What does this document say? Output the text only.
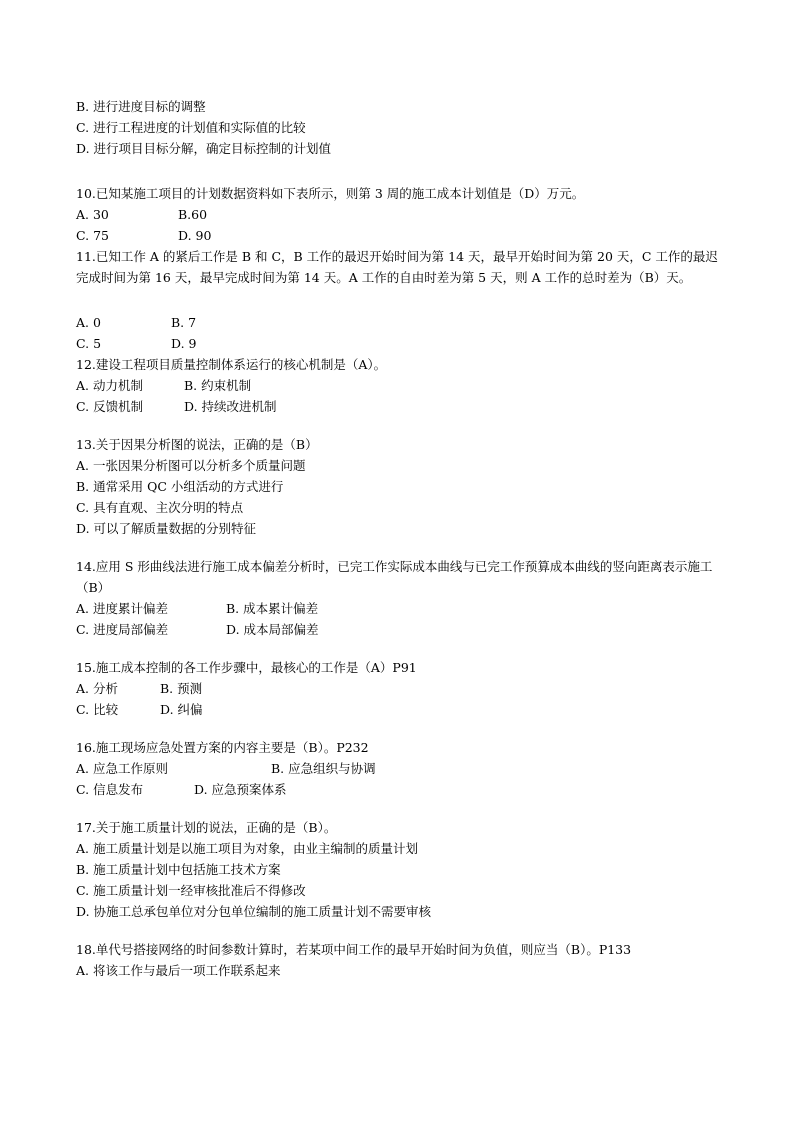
B. 进行进度目标的调整
C. 进行工程进度的计划值和实际值的比较
D. 进行项目目标分解，确定目标控制的计划值
10.已知某施工项目的计划数据资料如下表所示，则第 3 周的施工成本计划值是（D）万元。
A. 30	B.60
C. 75	D. 90
11.已知工作 A 的紧后工作是 B 和 C，B 工作的最迟开始时间为第 14 天，最早开始时间为第 20 天，C 工作的最迟完成时间为第 16 天，最早完成时间为第 14 天。A 工作的自由时差为第 5 天，则 A 工作的总时差为（B）天。
A. 0	B. 7
C. 5	D. 9
12.建设工程项目质量控制体系运行的核心机制是（A）。
A. 动力机制	B. 约束机制
C. 反馈机制	D. 持续改进机制
13.关于因果分析图的说法，正确的是（B）
A. 一张因果分析图可以分析多个质量问题
B. 通常采用 QC 小组活动的方式进行
C. 具有直观、主次分明的特点
D. 可以了解质量数据的分别特征
14.应用 S 形曲线法进行施工成本偏差分析时，已完工作实际成本曲线与已完工作预算成本曲线的竖向距离表示施工（B）
A. 进度累计偏差	B. 成本累计偏差
C. 进度局部偏差	D. 成本局部偏差
15.施工成本控制的各工作步骤中，最核心的工作是（A）P91
A. 分析	B. 预测
C. 比较	D. 纠偏
16.施工现场应急处置方案的内容主要是（B）。P232
A. 应急工作原则	B. 应急组织与协调
C. 信息发布	D. 应急预案体系
17.关于施工质量计划的说法，正确的是（B）。
A. 施工质量计划是以施工项目为对象，由业主编制的质量计划
B. 施工质量计划中包括施工技术方案
C. 施工质量计划一经审核批准后不得修改
D. 协施工总承包单位对分包单位编制的施工质量计划不需要审核
18.单代号搭接网络的时间参数计算时，若某项中间工作的最早开始时间为负值，则应当（B）。P133
A. 将该工作与最后一项工作联系起来
